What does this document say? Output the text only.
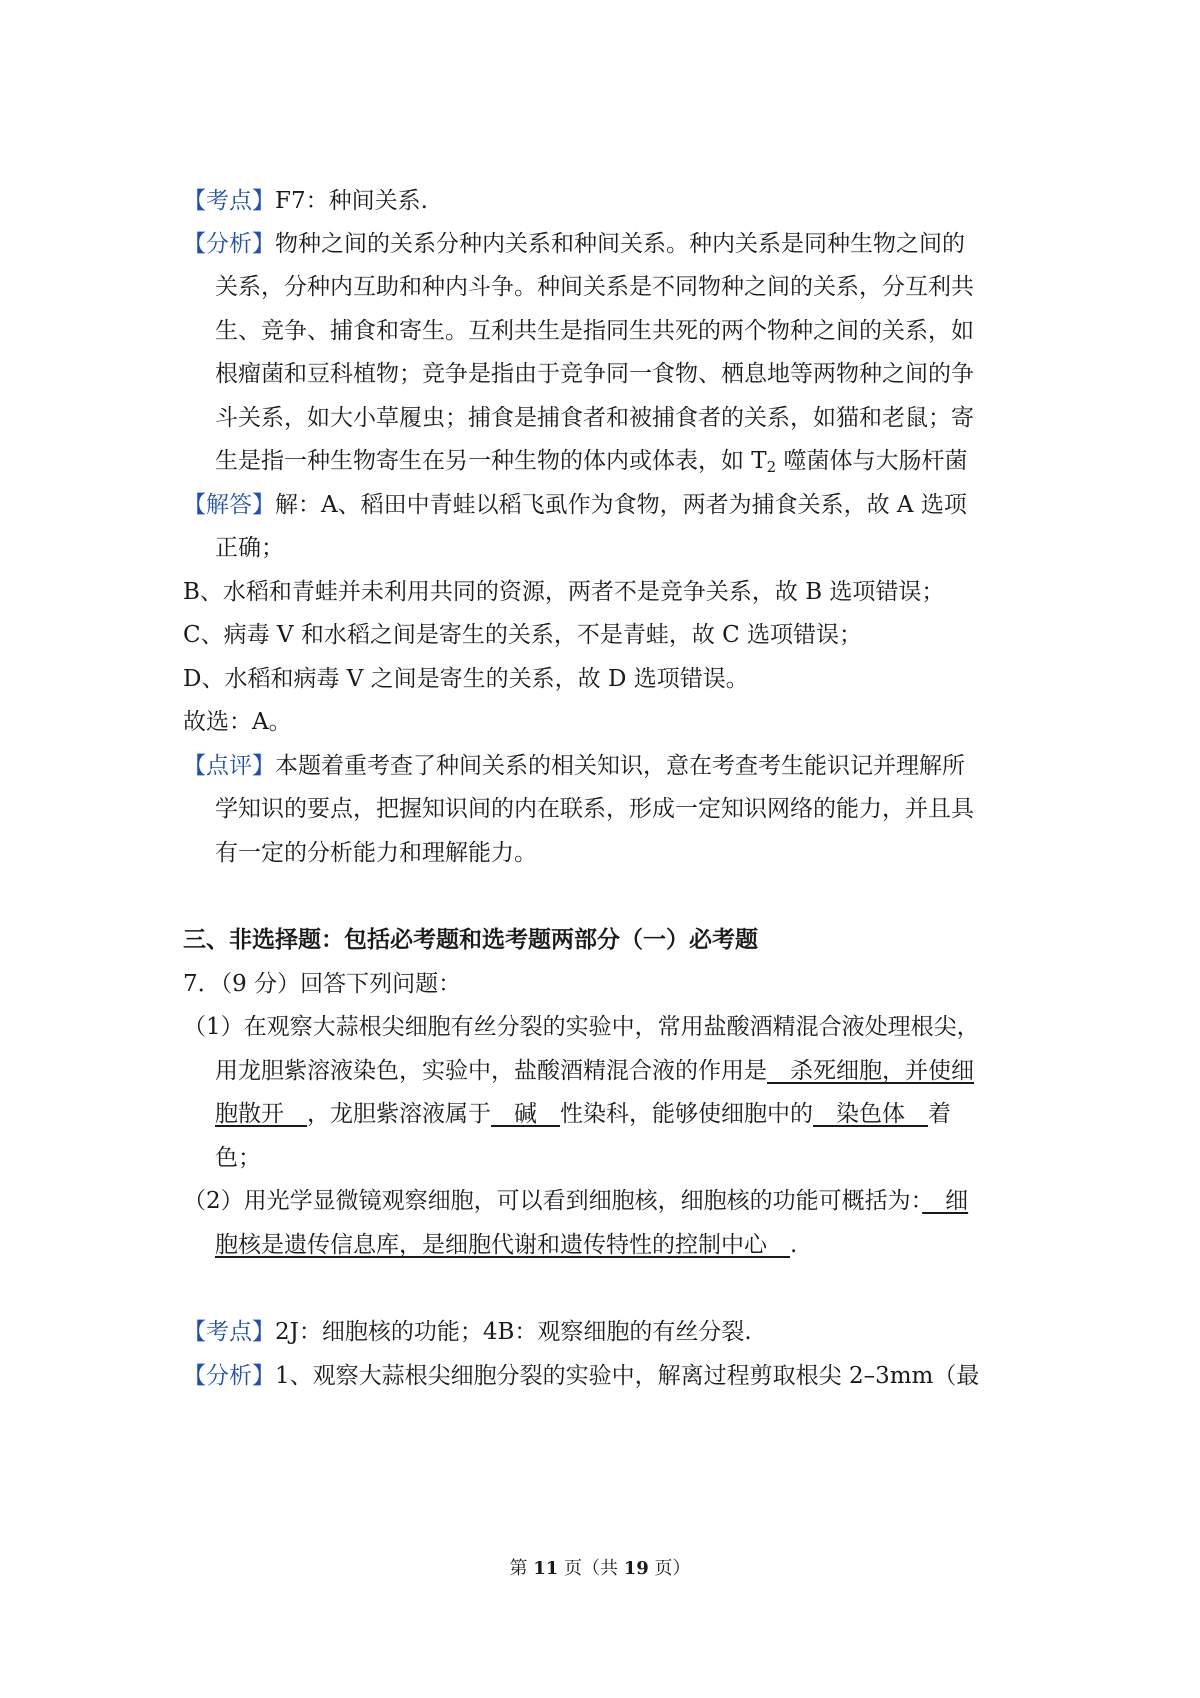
【考点】F7：种间关系.
【分析】物种之间的关系分种内关系和种间关系。种内关系是同种生物之间的
关系，分种内互助和种内斗争。种间关系是不同物种之间的关系，分互利共
生、竞争、捕食和寄生。互利共生是指同生共死的两个物种之间的关系，如
根瘤菌和豆科植物；竞争是指由于竞争同一食物、栖息地等两物种之间的争
斗关系，如大小草履虫；捕食是捕食者和被捕食者的关系，如猫和老鼠；寄
生是指一种生物寄生在另一种生物的体内或体表，如 $T_2$ 噬菌体与大肠杆菌
【解答】解：A、稻田中青蛙以稻飞虱作为食物，两者为捕食关系，故 A 选项
正确；
B、水稻和青蛙并未利用共同的资源，两者不是竞争关系，故 B 选项错误；
C、病毒 V 和水稻之间是寄生的关系，不是青蛙，故 C 选项错误；
D、水稻和病毒 V 之间是寄生的关系，故 D 选项错误。
故选：A。
【点评】本题着重考查了种间关系的相关知识，意在考查考生能识记并理解所
学知识的要点，把握知识间的内在联系，形成一定知识网络的能力，并且具
有一定的分析能力和理解能力。
三、非选择题：包括必考题和选考题两部分（一）必考题
7．（9 分）回答下列问题：
（1）在观察大蒜根尖细胞有丝分裂的实验中，常用盐酸酒精混合液处理根尖，
用龙胆紫溶液染色，实验中，盐酸酒精混合液的作用是　杀死细胞，并使细
胞散开　，龙胆紫溶液属于　碱　性染科，能够使细胞中的　染色体　着
色；
（2）用光学显微镜观察细胞，可以看到细胞核，细胞核的功能可概括为：　细
胞核是遗传信息库，是细胞代谢和遗传特性的控制中心　.
【考点】2J：细胞核的功能；4B：观察细胞的有丝分裂.
【分析】1、观察大蒜根尖细胞分裂的实验中，解离过程剪取根尖 2–3mm（最
第 11 页（共 19 页）
